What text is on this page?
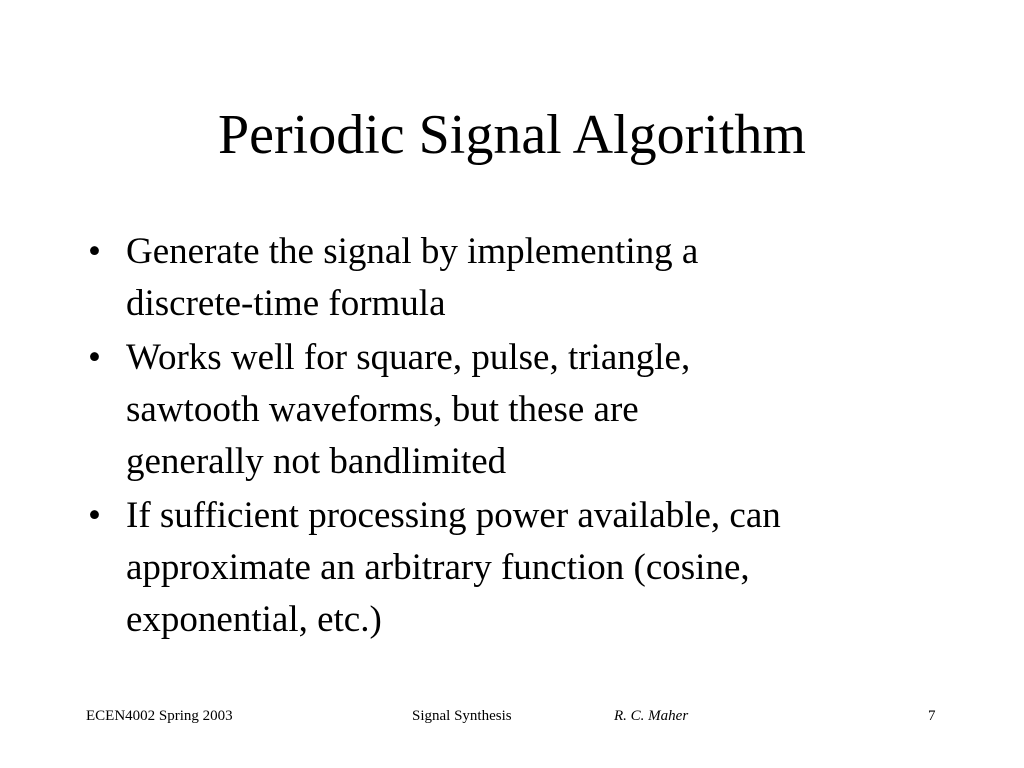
Periodic Signal Algorithm
• Generate the signal by implementing a
discrete-time formula
• Works well for square, pulse, triangle,
sawtooth waveforms, but these are
generally not bandlimited
• If sufficient processing power available, can
approximate an arbitrary function (cosine,
exponential, etc.)
ECEN4002 Spring 2003	Signal Synthesis	R. C. Maher	7
